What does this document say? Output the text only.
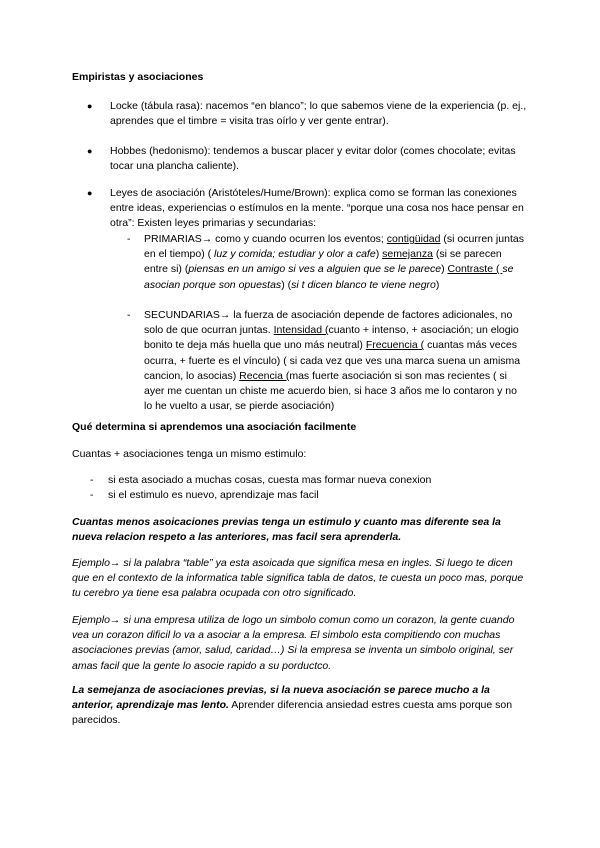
Empiristas y asociaciones
● Locke (tábula rasa): nacemos “en blanco”; lo que sabemos viene de la experiencia (p. ej., aprendes que el timbre = visita tras oírlo y ver gente entrar).
● Hobbes (hedonismo): tendemos a buscar placer y evitar dolor (comes chocolate; evitas tocar una plancha caliente).
● Leyes de asociación (Aristóteles/Hume/Brown): explica como se forman las conexiones entre ideas, experiencias o estímulos en la mente. “porque una cosa nos hace pensar en otra”: Existen leyes primarias y secundarias:
- PRIMARIAS→ como y cuando ocurren los eventos; contigüidad (si ocurren juntas en el tiempo) ( luz y comida; estudiar y olor a cafe) semejanza (si se parecen entre si) (piensas en un amigo si ves a alguien que se le parece) Contraste ( se asocian porque son opuestas) (si t dicen blanco te viene negro)
- SECUNDARIAS→ la fuerza de asociación depende de factores adicionales, no solo de que ocurran juntas. Intensidad (cuanto + intenso, + asociación; un elogio bonito te deja más huella que uno más neutral) Frecuencia ( cuantas más veces ocurra, + fuerte es el vínculo) ( si cada vez que ves una marca suena un amisma cancion, lo asocias) Recencia (mas fuerte asociación si son mas recientes ( si ayer me cuentan un chiste me acuerdo bien, si hace 3 años me lo contaron y no lo he vuelto a usar, se pierde asociación)
Qué determina si aprendemos una asociación facilmente
Cuantas + asociaciones tenga un mismo estimulo:
- si esta asociado a muchas cosas, cuesta mas formar nueva conexion
- si el estimulo es nuevo, aprendizaje mas facil
Cuantas menos asoicaciones previas tenga un estimulo y cuanto mas diferente sea la nueva relacion respeto a las anteriores, mas facil sera aprenderla.
Ejemplo→ si la palabra “table” ya esta asoicada que significa mesa en ingles. Si luego te dicen que en el contexto de la informatica table significa tabla de datos, te cuesta un poco mas, porque tu cerebro ya tiene esa palabra ocupada con otro significado.
Ejemplo→ si una empresa utiliza de logo un simbolo comun como un corazon, la gente cuando vea un corazon dificil lo va a asociar a la empresa. El simbolo esta compitiendo con muchas asociaciones previas (amor, salud, caridad…) Si la empresa se inventa un simbolo original, ser amas facil que la gente lo asocie rapido a su porductco.
La semejanza de asociaciones previas, si la nueva asociación se parece mucho a la anterior, aprendizaje mas lento. Aprender diferencia ansiedad estres cuesta ams porque son parecidos.
